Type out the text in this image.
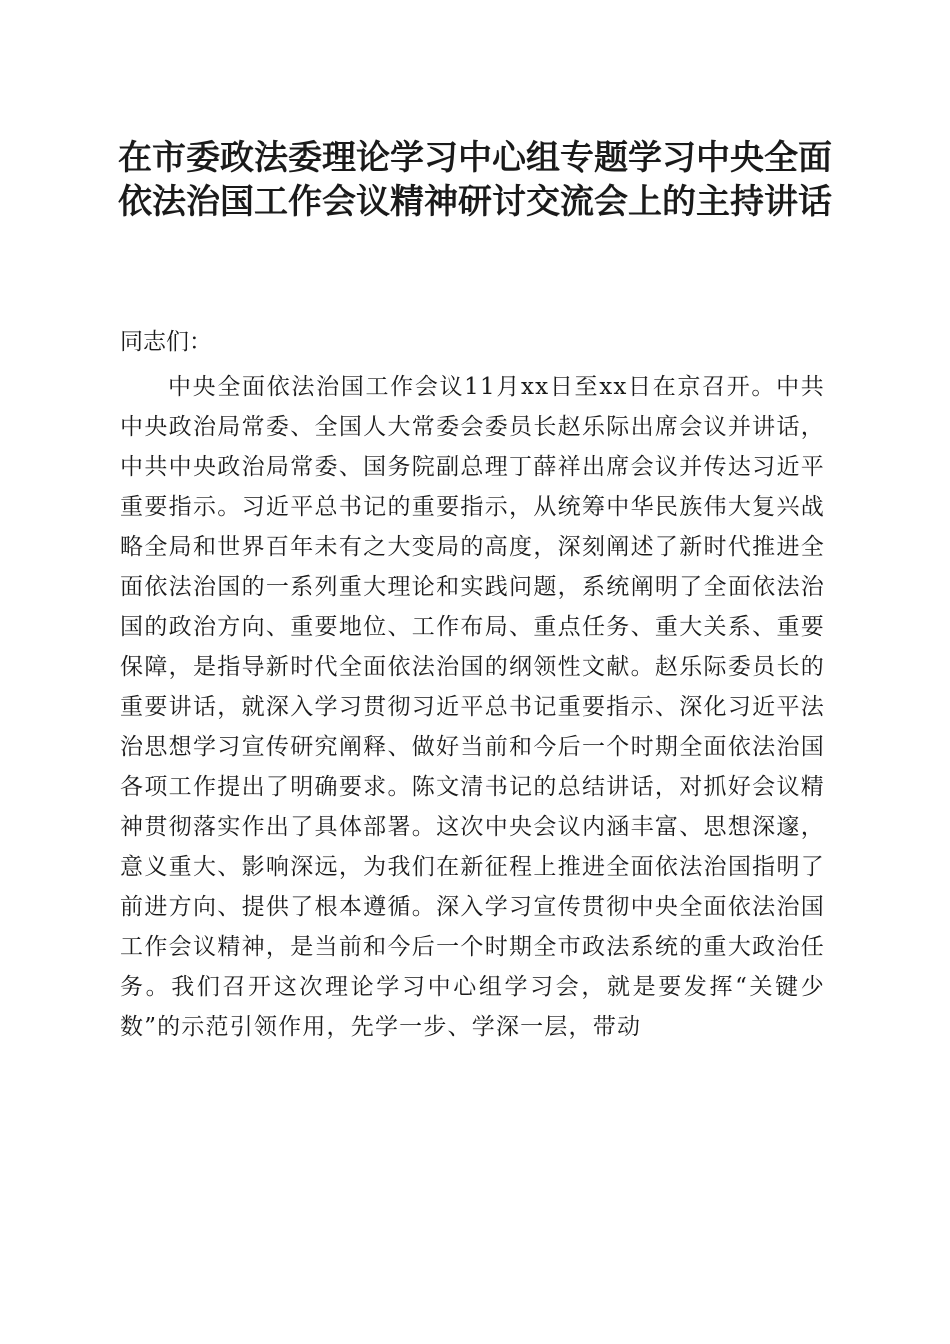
在市委政法委理论学习中心组专题学习中央全面依法治国工作会议精神研讨交流会上的主持讲话

同志们：

中央全面依法治国工作会议11月xx日至xx日在京召开。中共中央政治局常委、全国人大常委会委员长赵乐际出席会议并讲话，中共中央政治局常委、国务院副总理丁薛祥出席会议并传达习近平重要指示。习近平总书记的重要指示，从统筹中华民族伟大复兴战略全局和世界百年未有之大变局的高度，深刻阐述了新时代推进全面依法治国的一系列重大理论和实践问题，系统阐明了全面依法治国的政治方向、重要地位、工作布局、重点任务、重大关系、重要保障，是指导新时代全面依法治国的纲领性文献。赵乐际委员长的重要讲话，就深入学习贯彻习近平总书记重要指示、深化习近平法治思想学习宣传研究阐释、做好当前和今后一个时期全面依法治国各项工作提出了明确要求。陈文清书记的总结讲话，对抓好会议精神贯彻落实作出了具体部署。这次中央会议内涵丰富、思想深邃，意义重大、影响深远，为我们在新征程上推进全面依法治国指明了前进方向、提供了根本遵循。深入学习宣传贯彻中央全面依法治国工作会议精神，是当前和今后一个时期全市政法系统的重大政治任务。我们召开这次理论学习中心组学习会，就是要发挥“关键少数”的示范引领作用，先学一步、学深一层，带动
